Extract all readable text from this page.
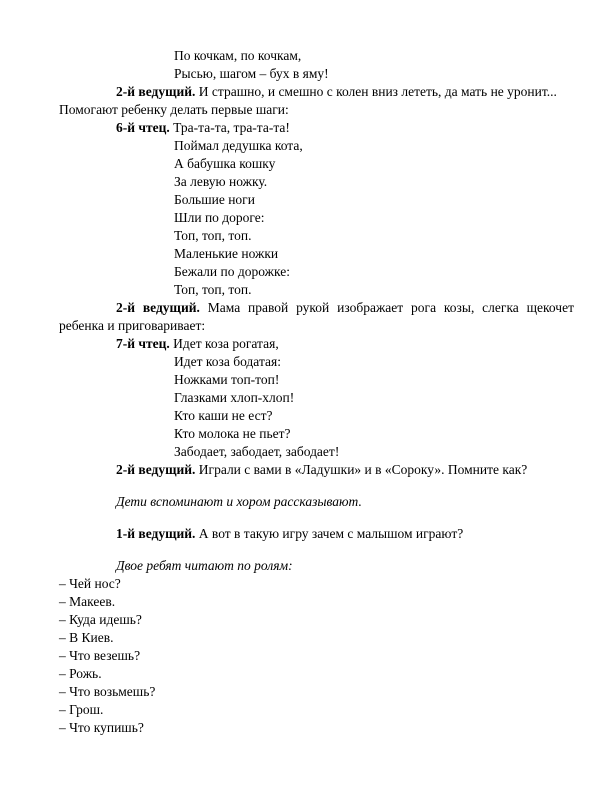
По кочкам, по кочкам,
Рысью, шагом – бух в яму!
2-й ведущий. И страшно, и смешно с колен вниз лететь, да мать не уронит...
Помогают ребенку делать первые шаги:
6-й чтец. Тра-та-та, тра-та-та!
Поймал дедушка кота,
А бабушка кошку
За левую ножку.
Большие ноги
Шли по дороге:
Топ, топ, топ.
Маленькие ножки
Бежали по дорожке:
Топ, топ, топ.
2-й ведущий. Мама правой рукой изображает рога козы, слегка щекочет
ребенка и приговаривает:
7-й чтец. Идет коза рогатая,
Идет коза бодатая:
Ножками топ-топ!
Глазками хлоп-хлоп!
Кто каши не ест?
Кто молока не пьет?
Забодает, забодает, забодает!
2-й ведущий. Играли с вами в «Ладушки» и в «Сороку». Помните как?
Дети вспоминают и хором рассказывают.
1-й ведущий. А вот в такую игру зачем с малышом играют?
Двое ребят читают по ролям:
– Чей нос?
– Макеев.
– Куда идешь?
– В Киев.
– Что везешь?
– Рожь.
– Что возьмешь?
– Грош.
– Что купишь?
